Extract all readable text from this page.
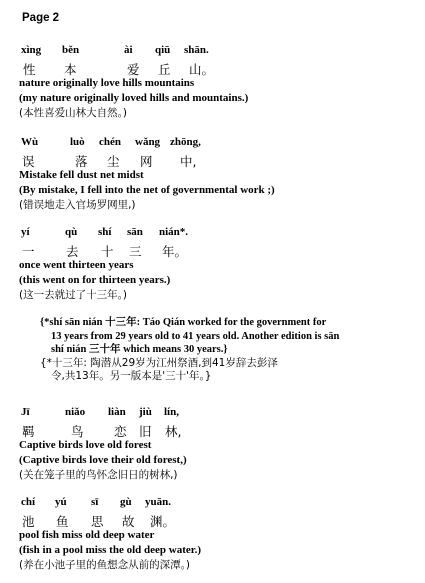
Page 2
xìng běn	ài qiū shān.
性 本	爱 丘 山。
nature originally love hills mountains
(my nature originally loved hills and mountains.)
(本性喜爱山林大自然。)
Wù	luò chén wǎng zhōng,
误	落 尘 网 中,
Mistake fell dust net midst
(By mistake, I fell into the net of governmental work ;)
(错误地走入官场罗网里,)
yí	qù shí sān nián*.
一	去 十 三 年。
once went thirteen years
(this went on for thirteen years.)
(这一去就过了十三年。)

{*shí sān nián 十三年: Táo Qián worked for the government for

13 years from 29 years old to 41 years old. Another edition is sān

shí nián 三十年 which means 30 years.}

{*十三年: 陶潜从29岁为江州祭酒,到41岁辞去彭泽

令,共13年。另一版本是'三十'年。}

Jī	niǎo liàn jiù lín,
羁	鸟 恋 旧 林,
Captive birds love old forest
(Captive birds love their old forest,)
(关在笼子里的鸟怀念旧日的树林,)
chí yú sī gù yuān.
池 鱼 思 故 渊。
pool fish miss old deep water
(fish in a pool miss the old deep water.)
(养在小池子里的鱼想念从前的深潭。)
